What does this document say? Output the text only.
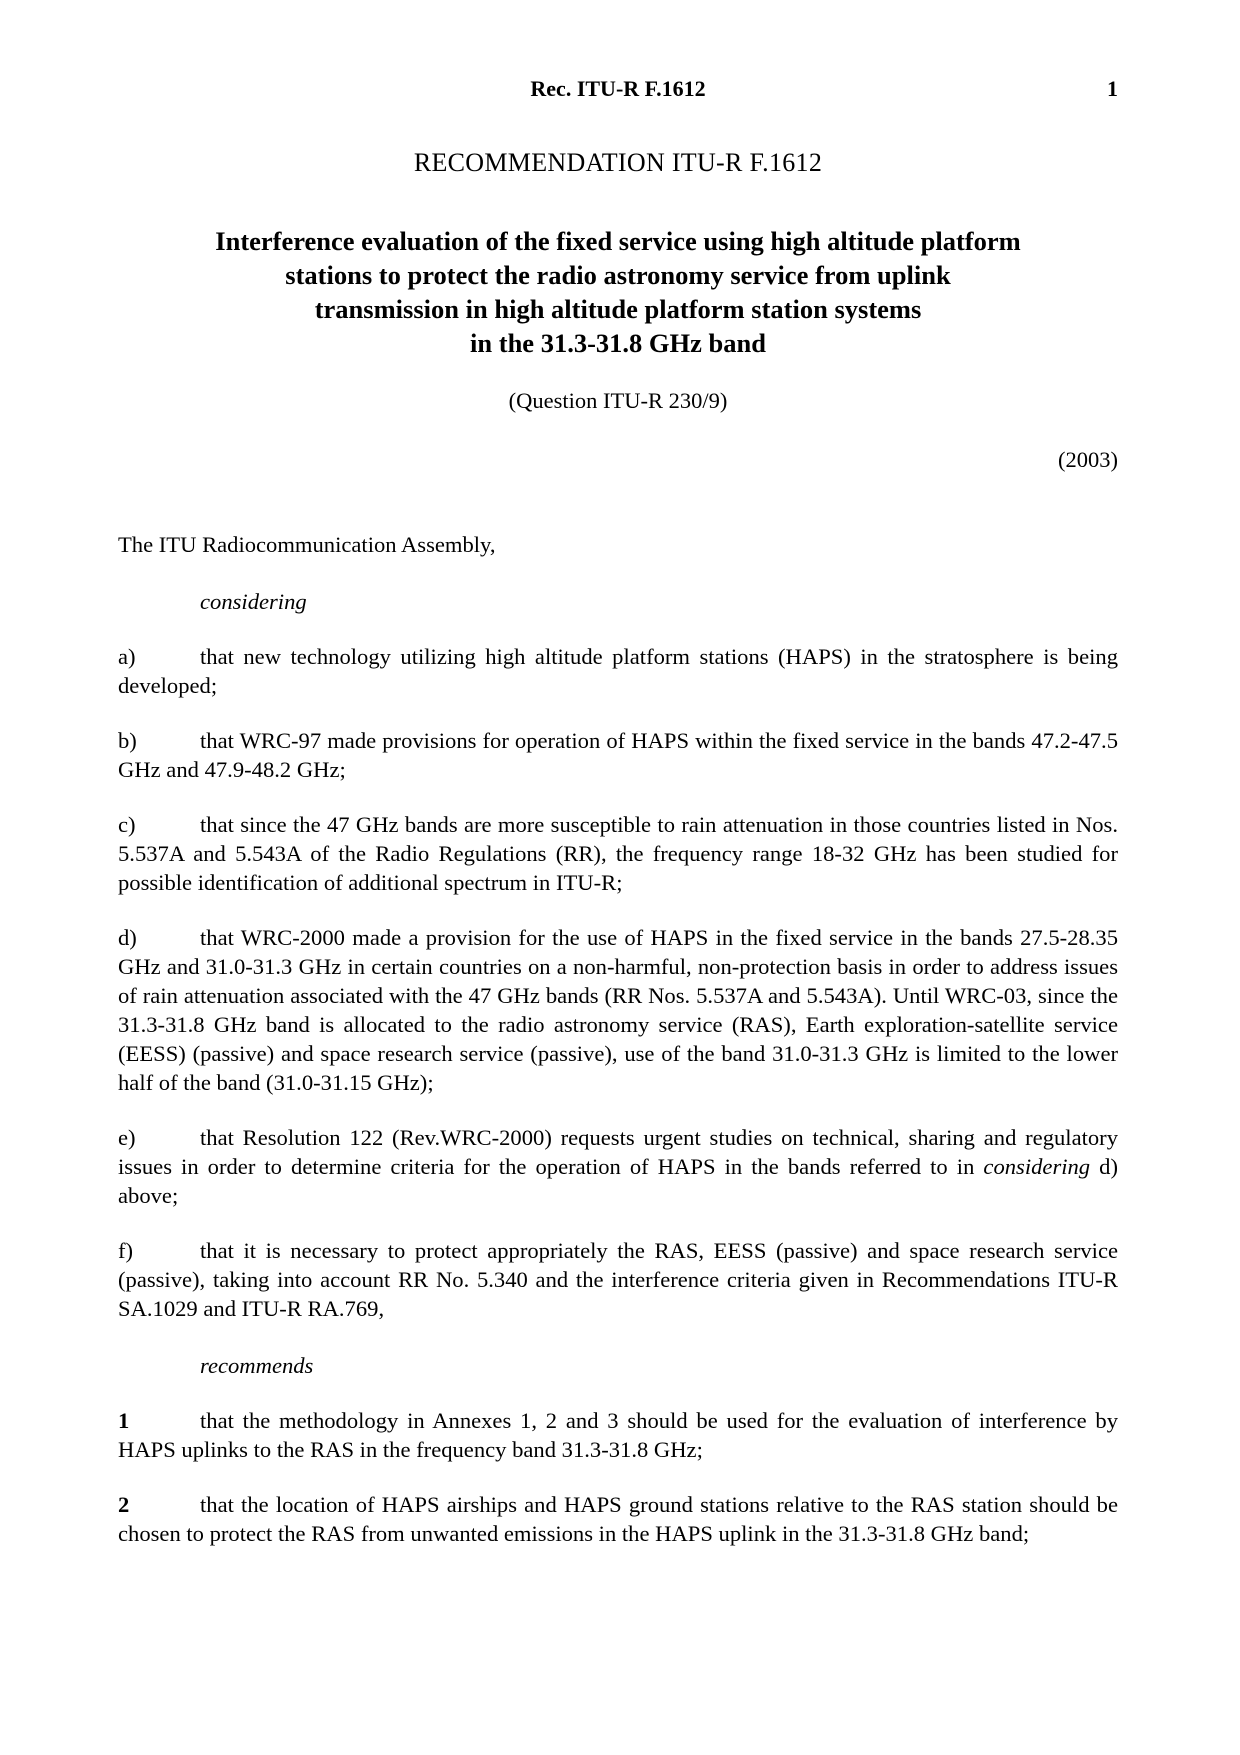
Rec. ITU-R F.1612	1
RECOMMENDATION ITU-R F.1612
Interference evaluation of the fixed service using high altitude platform
stations to protect the radio astronomy service from uplink
transmission in high altitude platform station systems
in the 31.3-31.8 GHz band
(Question ITU-R 230/9)
(2003)

The ITU Radiocommunication Assembly,

considering

a)	that new technology utilizing high altitude platform stations (HAPS) in the stratosphere is being developed;

b)	that WRC-97 made provisions for operation of HAPS within the fixed service in the bands 47.2-47.5 GHz and 47.9-48.2 GHz;

c)	that since the 47 GHz bands are more susceptible to rain attenuation in those countries listed in Nos. 5.537A and 5.543A of the Radio Regulations (RR), the frequency range 18-32 GHz has been studied for possible identification of additional spectrum in ITU-R;

d)	that WRC-2000 made a provision for the use of HAPS in the fixed service in the bands 27.5-28.35 GHz and 31.0-31.3 GHz in certain countries on a non-harmful, non-protection basis in order to address issues of rain attenuation associated with the 47 GHz bands (RR Nos. 5.537A and 5.543A). Until WRC-03, since the 31.3-31.8 GHz band is allocated to the radio astronomy service (RAS), Earth exploration-satellite service (EESS) (passive) and space research service (passive), use of the band 31.0-31.3 GHz is limited to the lower half of the band (31.0-31.15 GHz);

e)	that Resolution 122 (Rev.WRC-2000) requests urgent studies on technical, sharing and regulatory issues in order to determine criteria for the operation of HAPS in the bands referred to in considering d) above;

f)	that it is necessary to protect appropriately the RAS, EESS (passive) and space research service (passive), taking into account RR No. 5.340 and the interference criteria given in Recommendations ITU-R SA.1029 and ITU-R RA.769,

recommends

1	that the methodology in Annexes 1, 2 and 3 should be used for the evaluation of interference by HAPS uplinks to the RAS in the frequency band 31.3-31.8 GHz;

2	that the location of HAPS airships and HAPS ground stations relative to the RAS station should be chosen to protect the RAS from unwanted emissions in the HAPS uplink in the 31.3-31.8 GHz band;
